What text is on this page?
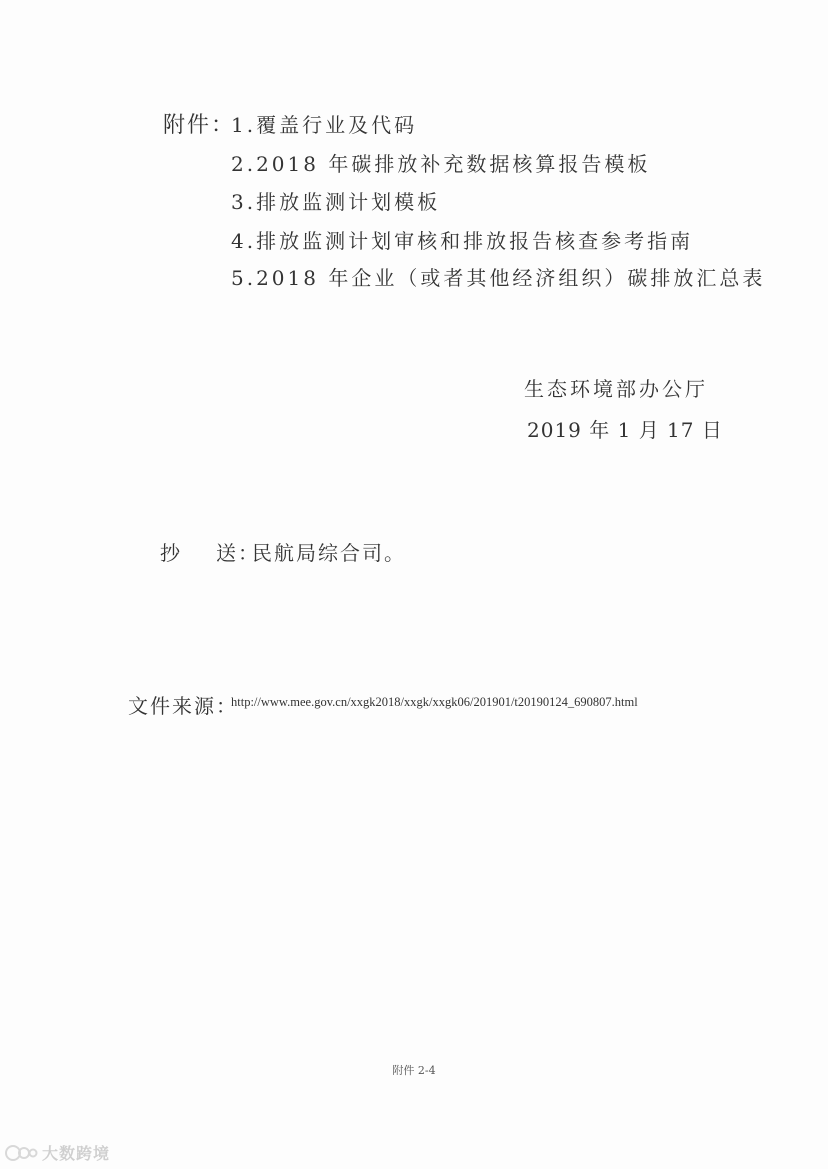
附件：
1.覆盖行业及代码
2.2018 年碳排放补充数据核算报告模板
3.排放监测计划模板
4.排放监测计划审核和排放报告核查参考指南
5.2018 年企业（或者其他经济组织）碳排放汇总表
生态环境部办公厅
2019 年 1 月 17 日
抄 送：
民航局综合司。
文件来源：
http://www.mee.gov.cn/xxgk2018/xxgk/xxgk06/201901/t20190124_690807.html
附件 2-4
大数跨境
